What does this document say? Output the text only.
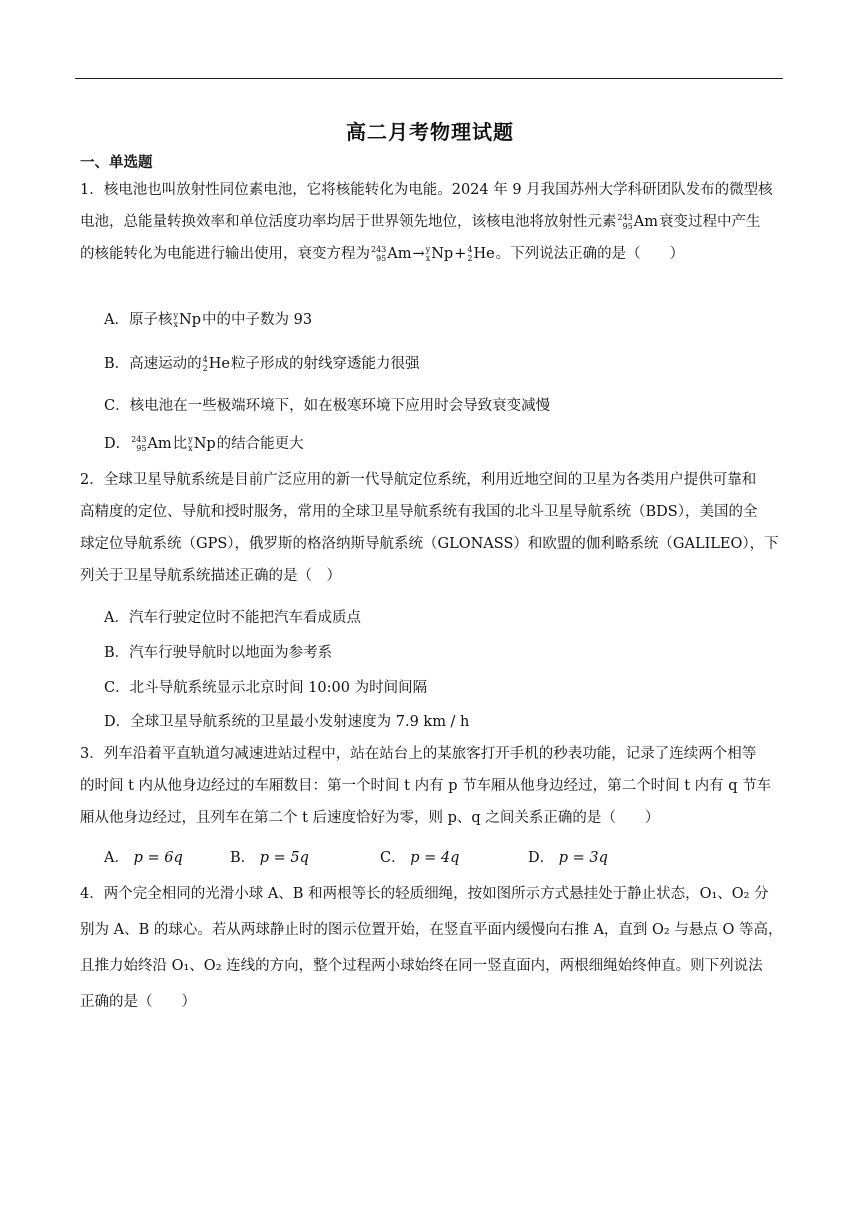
高二月考物理试题
一、单选题
1．核电池也叫放射性同位素电池，它将核能转化为电能。2024 年 9 月我国苏州大学科研团队发布的微型核
电池，总能量转换效率和单位活度功率均居于世界领先地位，该核电池将放射性元素 243
95 Am 衰变过程中产生
的核能转化为电能进行输出使用，衰变方程为 243
95 Am → y
x Np + 4
2 He 。下列说法正确的是（　　）
A．原子核 y
x Np 中的中子数为 93
B．高速运动的 4
2 He 粒子形成的射线穿透能力很强
C．核电池在一些极端环境下，如在极寒环境下应用时会导致衰变减慢
D． 243
95 Am 比 y
x Np 的结合能更大
2．全球卫星导航系统是目前广泛应用的新一代导航定位系统，利用近地空间的卫星为各类用户提供可靠和
高精度的定位、导航和授时服务，常用的全球卫星导航系统有我国的北斗卫星导航系统（BDS），美国的全
球定位导航系统（GPS），俄罗斯的格洛纳斯导航系统（GLONASS）和欧盟的伽利略系统（GALILEO），下
列关于卫星导航系统描述正确的是（　）
A．汽车行驶定位时不能把汽车看成质点
B．汽车行驶导航时以地面为参考系
C．北斗导航系统显示北京时间 10:00 为时间间隔
D．全球卫星导航系统的卫星最小发射速度为 7.9 km / h
3．列车沿着平直轨道匀减速进站过程中，站在站台上的某旅客打开手机的秒表功能，记录了连续两个相等
的时间 t 内从他身边经过的车厢数目：第一个时间 t 内有 p 节车厢从他身边经过，第二个时间 t 内有 q 节车
厢从他身边经过，且列车在第二个 t 后速度恰好为零，则 p、q 之间关系正确的是（　　）
A． p = 6q	B． p = 5q	C． p = 4q	D． p = 3q
4．两个完全相同的光滑小球 A、B 和两根等长的轻质细绳，按如图所示方式悬挂处于静止状态，O₁、O₂ 分
别为 A、B 的球心。若从两球静止时的图示位置开始，在竖直平面内缓慢向右推 A，直到 O₂ 与悬点 O 等高，
且推力始终沿 O₁、O₂ 连线的方向，整个过程两小球始终在同一竖直面内，两根细绳始终伸直。则下列说法
正确的是（　　）
